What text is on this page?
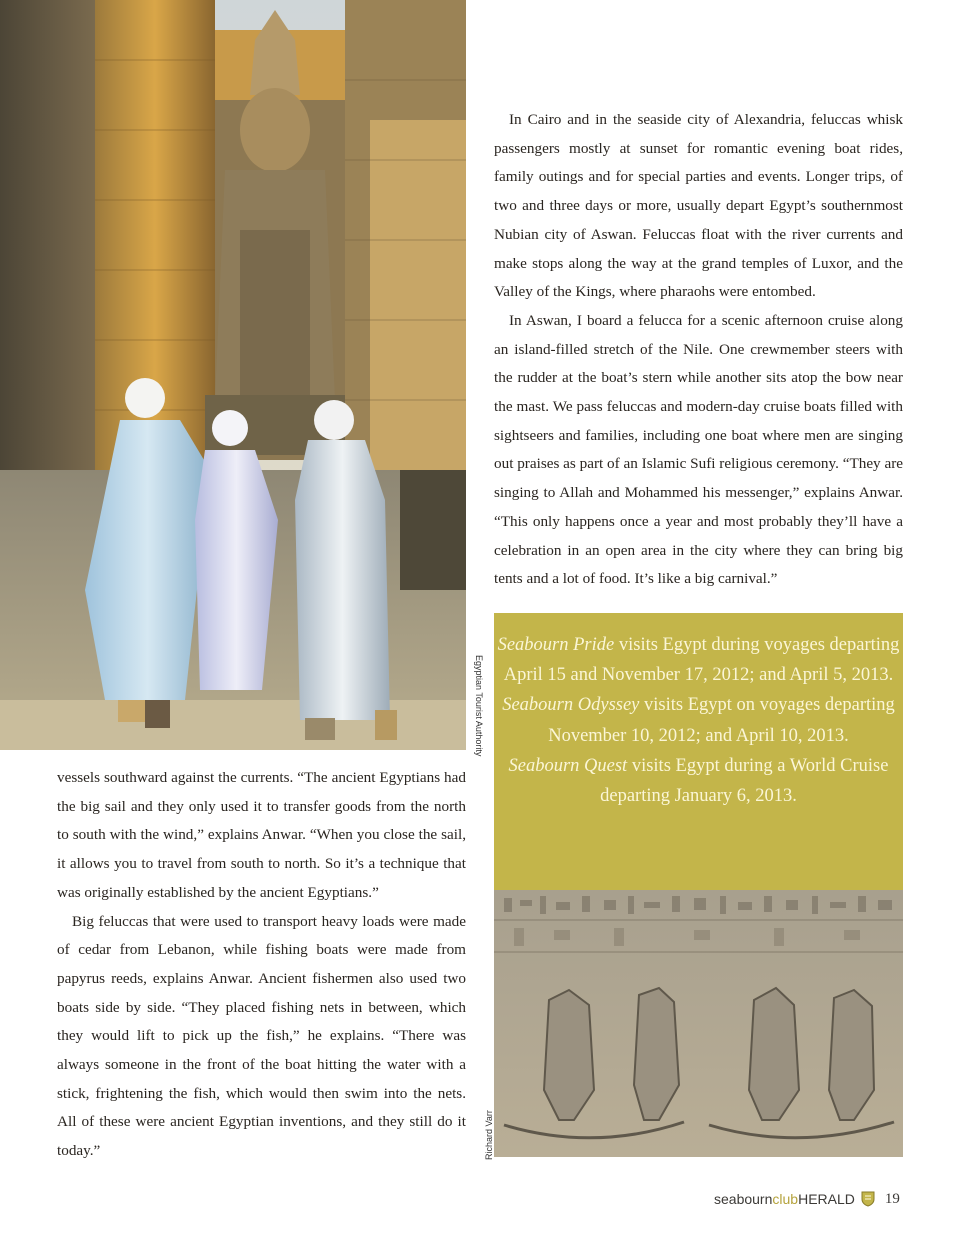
Egyptian Tourist Authority

In Cairo and in the seaside city of Alexandria, feluccas whisk passengers mostly at sunset for romantic evening boat rides, family outings and for special parties and events. Longer trips, of two and three days or more, usually depart Egypt’s southernmost Nubian city of Aswan. Feluccas float with the river currents and make stops along the way at the grand temples of Luxor, and the Valley of the Kings, where pharaohs were entombed.

In Aswan, I board a felucca for a scenic afternoon cruise along an island-filled stretch of the Nile. One crewmember steers with the rudder at the boat’s stern while another sits atop the bow near the mast. We pass feluccas and modern-day cruise boats filled with sightseers and families, including one boat where men are singing out praises as part of an Islamic Sufi religious ceremony. “They are singing to Allah and Mohammed his messenger,” explains Anwar. “This only happens once a year and most probably they’ll have a celebration in an open area in the city where they can bring big tents and a lot of food. It’s like a big carnival.”

Seabourn Pride visits Egypt during voyages departing April 15 and November 17, 2012; and April 5, 2013.

Seabourn Odyssey visits Egypt on voyages departing November 10, 2012; and April 10, 2013.

Seabourn Quest visits Egypt during a World Cruise departing January 6, 2013.

Richard Varr

vessels southward against the currents. “The ancient Egyptians had the big sail and they only used it to transfer goods from the north to south with the wind,” explains Anwar. “When you close the sail, it allows you to travel from south to north. So it’s a technique that was originally established by the ancient Egyptians.”

Big feluccas that were used to transport heavy loads were made of cedar from Lebanon, while fishing boats were made from papyrus reeds, explains Anwar. Ancient fishermen also used two boats side by side. “They placed fishing nets in between, which they would lift to pick up the fish,” he explains. “There was always someone in the front of the boat hitting the water with a stick, frightening the fish, which would then swim into the nets. All of these were ancient Egyptian inventions, and they still do it today.”

seabourn club HERALD 19
